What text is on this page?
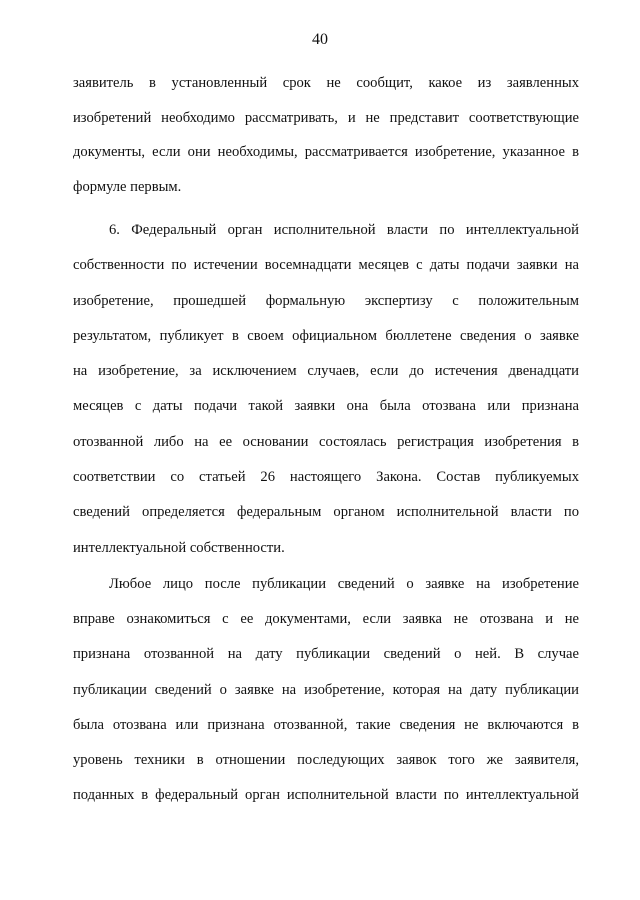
40
заявитель в установленный срок не сообщит, какое из заявленных
изобретений необходимо рассматривать, и не представит соответствующие
документы, если они необходимы, рассматривается изобретение, указанное в
формуле первым.
6. Федеральный орган исполнительной власти по интеллектуальной
собственности по истечении восемнадцати месяцев с даты подачи заявки на
изобретение, прошедшей формальную экспертизу с положительным
результатом, публикует в своем официальном бюллетене сведения о заявке
на изобретение, за исключением случаев, если до истечения двенадцати
месяцев с даты подачи такой заявки она была отозвана или признана
отозванной либо на ее основании состоялась регистрация изобретения в
соответствии со статьей 26 настоящего Закона. Состав публикуемых
сведений определяется федеральным органом исполнительной власти по
интеллектуальной собственности.
Любое лицо после публикации сведений о заявке на изобретение
вправе ознакомиться с ее документами, если заявка не отозвана и не
признана отозванной на дату публикации сведений о ней. В случае
публикации сведений о заявке на изобретение, которая на дату публикации
была отозвана или признана отозванной, такие сведения не включаются в
уровень техники в отношении последующих заявок того же заявителя,
поданных в федеральный орган исполнительной власти по интеллектуальной
